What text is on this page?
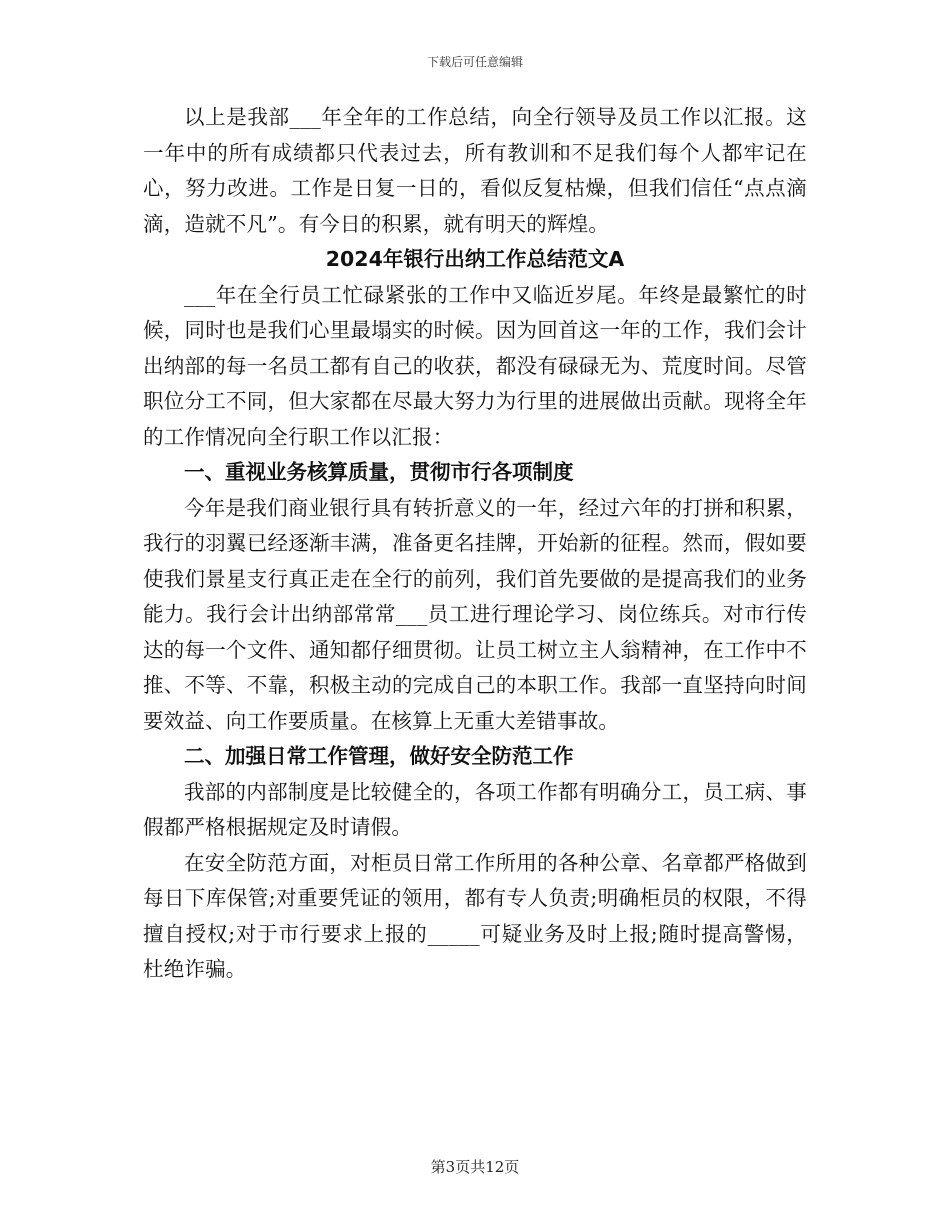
下载后可任意编辑

以上是我部___年全年的工作总结，向全行领导及员工作以汇报。这一年中的所有成绩都只代表过去，所有教训和不足我们每个人都牢记在心，努力改进。工作是日复一日的，看似反复枯燥，但我们信任“点点滴滴，造就不凡”。有今日的积累，就有明天的辉煌。

2024年银行出纳工作总结范文A

___年在全行员工忙碌紧张的工作中又临近岁尾。年终是最繁忙的时候，同时也是我们心里最塌实的时候。因为回首这一年的工作，我们会计出纳部的每一名员工都有自己的收获，都没有碌碌无为、荒度时间。尽管职位分工不同，但大家都在尽最大努力为行里的进展做出贡献。现将全年的工作情况向全行职工作以汇报：

一、重视业务核算质量，贯彻市行各项制度

今年是我们商业银行具有转折意义的一年，经过六年的打拼和积累，我行的羽翼已经逐渐丰满，准备更名挂牌，开始新的征程。然而，假如要使我们景星支行真正走在全行的前列，我们首先要做的是提高我们的业务能力。我行会计出纳部常常___员工进行理论学习、岗位练兵。对市行传达的每一个文件、通知都仔细贯彻。让员工树立主人翁精神，在工作中不推、不等、不靠，积极主动的完成自己的本职工作。我部一直坚持向时间要效益、向工作要质量。在核算上无重大差错事故。

二、加强日常工作管理，做好安全防范工作

我部的内部制度是比较健全的，各项工作都有明确分工，员工病、事假都严格根据规定及时请假。

在安全防范方面，对柜员日常工作所用的各种公章、名章都严格做到每日下库保管;对重要凭证的领用，都有专人负责;明确柜员的权限，不得擅自授权;对于市行要求上报的_____可疑业务及时上报;随时提高警惕，杜绝诈骗。

第3页共12页
